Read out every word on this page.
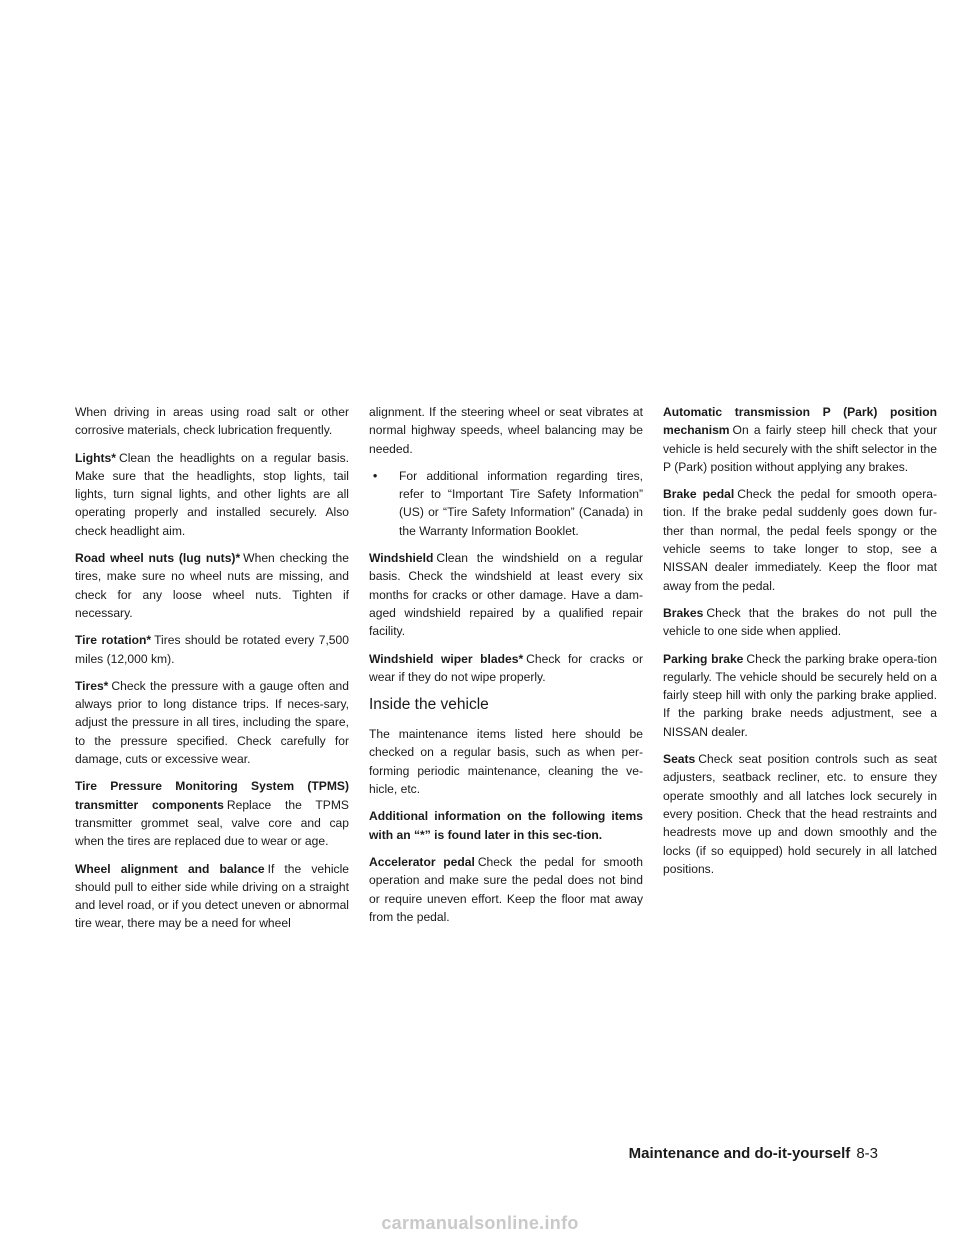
When driving in areas using road salt or other corrosive materials, check lubrication frequently.

Lights* Clean the headlights on a regular basis. Make sure that the headlights, stop lights, tail lights, turn signal lights, and other lights are all operating properly and installed securely. Also check headlight aim.

Road wheel nuts (lug nuts)* When checking the tires, make sure no wheel nuts are missing, and check for any loose wheel nuts. Tighten if necessary.

Tire rotation* Tires should be rotated every 7,500 miles (12,000 km).

Tires* Check the pressure with a gauge often and always prior to long distance trips. If neces-sary, adjust the pressure in all tires, including the spare, to the pressure specified. Check carefully for damage, cuts or excessive wear.

Tire Pressure Monitoring System (TPMS) transmitter components Replace the TPMS transmitter grommet seal, valve core and cap when the tires are replaced due to wear or age.

Wheel alignment and balance If the vehicle should pull to either side while driving on a straight and level road, or if you detect uneven or abnormal tire wear, there may be a need for wheel

alignment. If the steering wheel or seat vibrates at normal highway speeds, wheel balancing may be needed.

•	For additional information regarding tires, refer to “Important Tire Safety Information” (US) or “Tire Safety Information” (Canada) in the Warranty Information Booklet.

Windshield Clean the windshield on a regular basis. Check the windshield at least every six months for cracks or other damage. Have a dam-aged windshield repaired by a qualified repair facility.

Windshield wiper blades* Check for cracks or wear if they do not wipe properly.

Inside the vehicle

The maintenance items listed here should be checked on a regular basis, such as when per-forming periodic maintenance, cleaning the ve-hicle, etc.

Additional information on the following items with an “*” is found later in this sec-tion.

Accelerator pedal Check the pedal for smooth operation and make sure the pedal does not bind or require uneven effort. Keep the floor mat away from the pedal.

Automatic transmission P (Park) position mechanism On a fairly steep hill check that your vehicle is held securely with the shift selector in the P (Park) position without applying any brakes.

Brake pedal Check the pedal for smooth opera-tion. If the brake pedal suddenly goes down fur-ther than normal, the pedal feels spongy or the vehicle seems to take longer to stop, see a NISSAN dealer immediately. Keep the floor mat away from the pedal.

Brakes Check that the brakes do not pull the vehicle to one side when applied.

Parking brake Check the parking brake opera-tion regularly. The vehicle should be securely held on a fairly steep hill with only the parking brake applied. If the parking brake needs adjustment, see a NISSAN dealer.

Seats Check seat position controls such as seat adjusters, seatback recliner, etc. to ensure they operate smoothly and all latches lock securely in every position. Check that the head restraints and headrests move up and down smoothly and the locks (if so equipped) hold securely in all latched positions.

Maintenance and do-it-yourself 8-3
carmanualsonline.info
